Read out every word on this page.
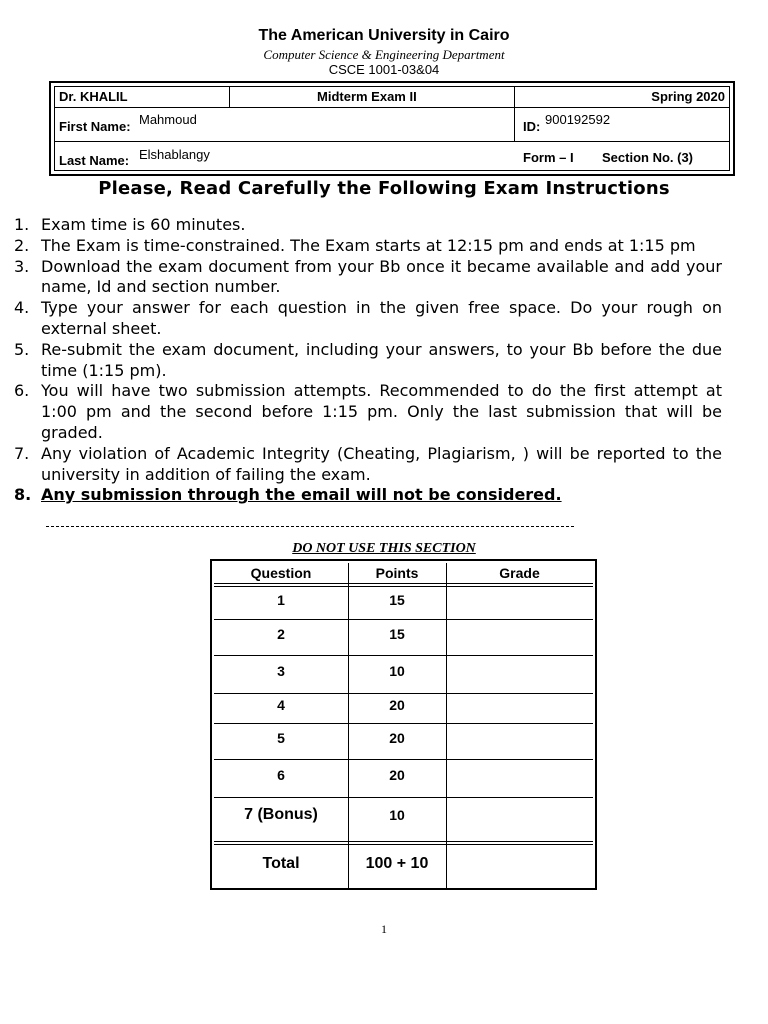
The American University in Cairo
Computer Science & Engineering Department
CSCE 1001-03&04
Dr. KHALIL	Midterm Exam II	Spring 2020
First Name: Mahmoud	ID: 900192592
Last Name: Elshablangy	Form – I Section No. (3)
Please, Read Carefully the Following Exam Instructions
1. Exam time is 60 minutes.
2. The Exam is time-constrained. The Exam starts at 12:15 pm and ends at 1:15 pm
3. Download the exam document from your Bb once it became available and add your name, Id and section number.
4. Type your answer for each question in the given free space. Do your rough on external sheet.
5. Re-submit the exam document, including your answers, to your Bb before the due time (1:15 pm).
6. You will have two submission attempts. Recommended to do the first attempt at 1:00 pm and the second before 1:15 pm. Only the last submission that will be graded.
7. Any violation of Academic Integrity (Cheating, Plagiarism, ) will be reported to the university in addition of failing the exam.
8. Any submission through the email will not be considered.
DO NOT USE THIS SECTION
Question	Points	Grade
1	15
2	15
3	10
4	20
5	20
6	20
7 (Bonus)	10
Total	100 + 10
1
